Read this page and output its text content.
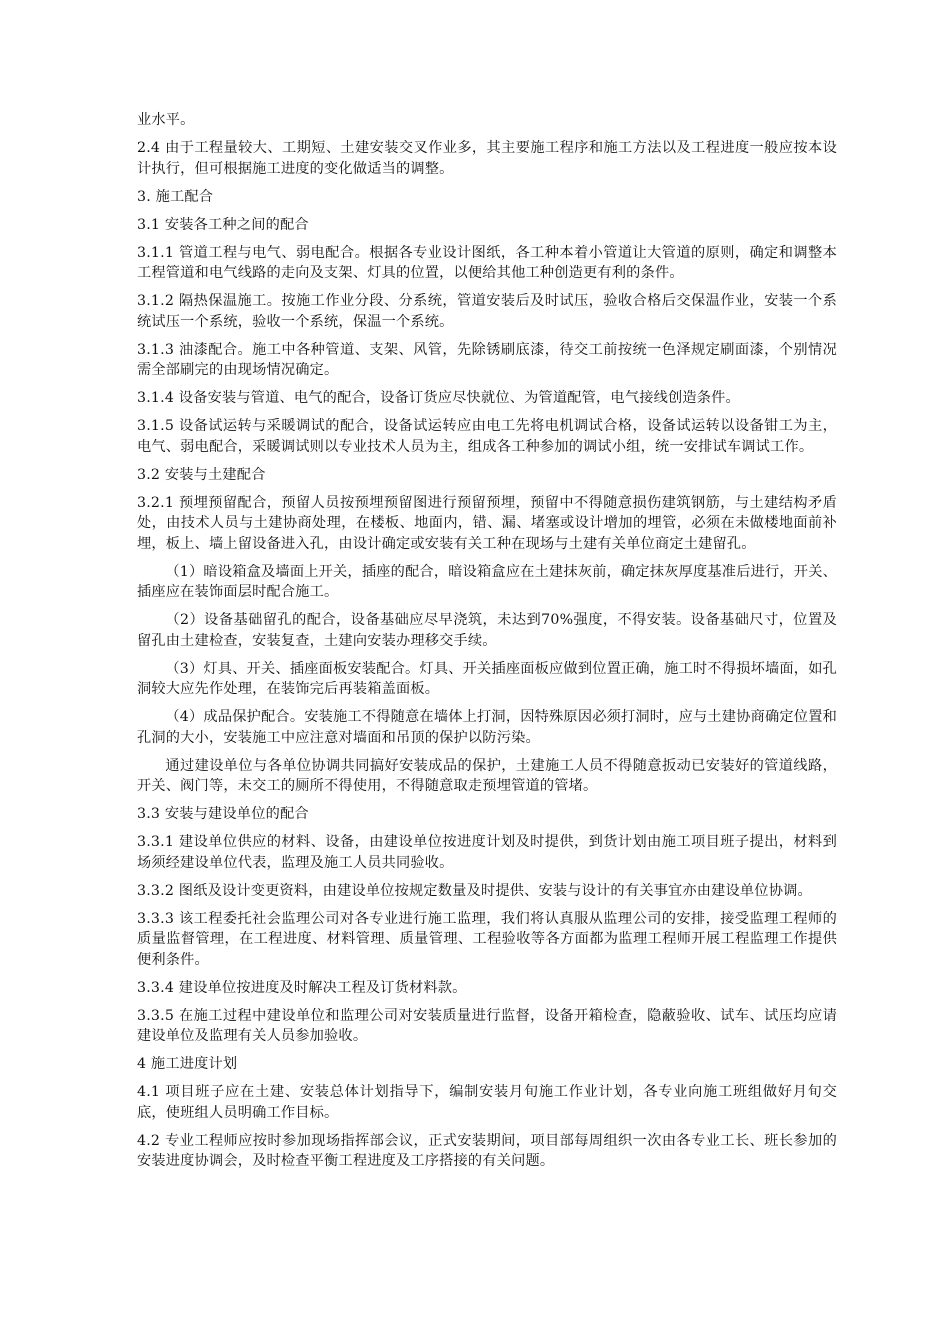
业水平。

2.4 由于工程量较大、工期短、土建安装交叉作业多，其主要施工程序和施工方法以及工程进度一般应按本设计执行，但可根据施工进度的变化做适当的调整。

3. 施工配合

3.1 安装各工种之间的配合

3.1.1 管道工程与电气、弱电配合。根据各专业设计图纸，各工种本着小管道让大管道的原则，确定和调整本工程管道和电气线路的走向及支架、灯具的位置，以便给其他工种创造更有利的条件。

3.1.2 隔热保温施工。按施工作业分段、分系统，管道安装后及时试压，验收合格后交保温作业，安装一个系统试压一个系统，验收一个系统，保温一个系统。

3.1.3 油漆配合。施工中各种管道、支架、风管，先除锈刷底漆，待交工前按统一色泽规定刷面漆，个别情况需全部刷完的由现场情况确定。

3.1.4 设备安装与管道、电气的配合，设备订货应尽快就位、为管道配管，电气接线创造条件。

3.1.5 设备试运转与采暖调试的配合，设备试运转应由电工先将电机调试合格，设备试运转以设备钳工为主，电气、弱电配合，采暖调试则以专业技术人员为主，组成各工种参加的调试小组，统一安排试车调试工作。

3.2 安装与土建配合

3.2.1 预埋预留配合，预留人员按预埋预留图进行预留预埋，预留中不得随意损伤建筑钢筋，与土建结构矛盾处，由技术人员与土建协商处理，在楼板、地面内，错、漏、堵塞或设计增加的埋管，必须在未做楼地面前补埋，板上、墙上留设备进入孔，由设计确定或安装有关工种在现场与土建有关单位商定土建留孔。

（1）暗设箱盒及墙面上开关，插座的配合，暗设箱盒应在土建抹灰前，确定抹灰厚度基准后进行，开关、插座应在装饰面层时配合施工。

（2）设备基础留孔的配合，设备基础应尽早浇筑，未达到70%强度，不得安装。设备基础尺寸，位置及留孔由土建检查，安装复查，土建向安装办理移交手续。

（3）灯具、开关、插座面板安装配合。灯具、开关插座面板应做到位置正确，施工时不得损坏墙面，如孔洞较大应先作处理，在装饰完后再装箱盖面板。

（4）成品保护配合。安装施工不得随意在墙体上打洞，因特殊原因必须打洞时，应与土建协商确定位置和孔洞的大小，安装施工中应注意对墙面和吊顶的保护以防污染。

通过建设单位与各单位协调共同搞好安装成品的保护，土建施工人员不得随意扳动已安装好的管道线路，开关、阀门等，未交工的厕所不得使用，不得随意取走预埋管道的管堵。

3.3 安装与建设单位的配合

3.3.1 建设单位供应的材料、设备，由建设单位按进度计划及时提供，到货计划由施工项目班子提出，材料到场须经建设单位代表，监理及施工人员共同验收。

3.3.2 图纸及设计变更资料，由建设单位按规定数量及时提供、安装与设计的有关事宜亦由建设单位协调。

3.3.3 该工程委托社会监理公司对各专业进行施工监理，我们将认真服从监理公司的安排，接受监理工程师的质量监督管理，在工程进度、材料管理、质量管理、工程验收等各方面都为监理工程师开展工程监理工作提供便利条件。

3.3.4 建设单位按进度及时解决工程及订货材料款。

3.3.5 在施工过程中建设单位和监理公司对安装质量进行监督，设备开箱检查，隐蔽验收、试车、试压均应请建设单位及监理有关人员参加验收。

4 施工进度计划

4.1 项目班子应在土建、安装总体计划指导下，编制安装月旬施工作业计划，各专业向施工班组做好月旬交底，使班组人员明确工作目标。

4.2 专业工程师应按时参加现场指挥部会议，正式安装期间，项目部每周组织一次由各专业工长、班长参加的安装进度协调会，及时检查平衡工程进度及工序搭接的有关问题。
